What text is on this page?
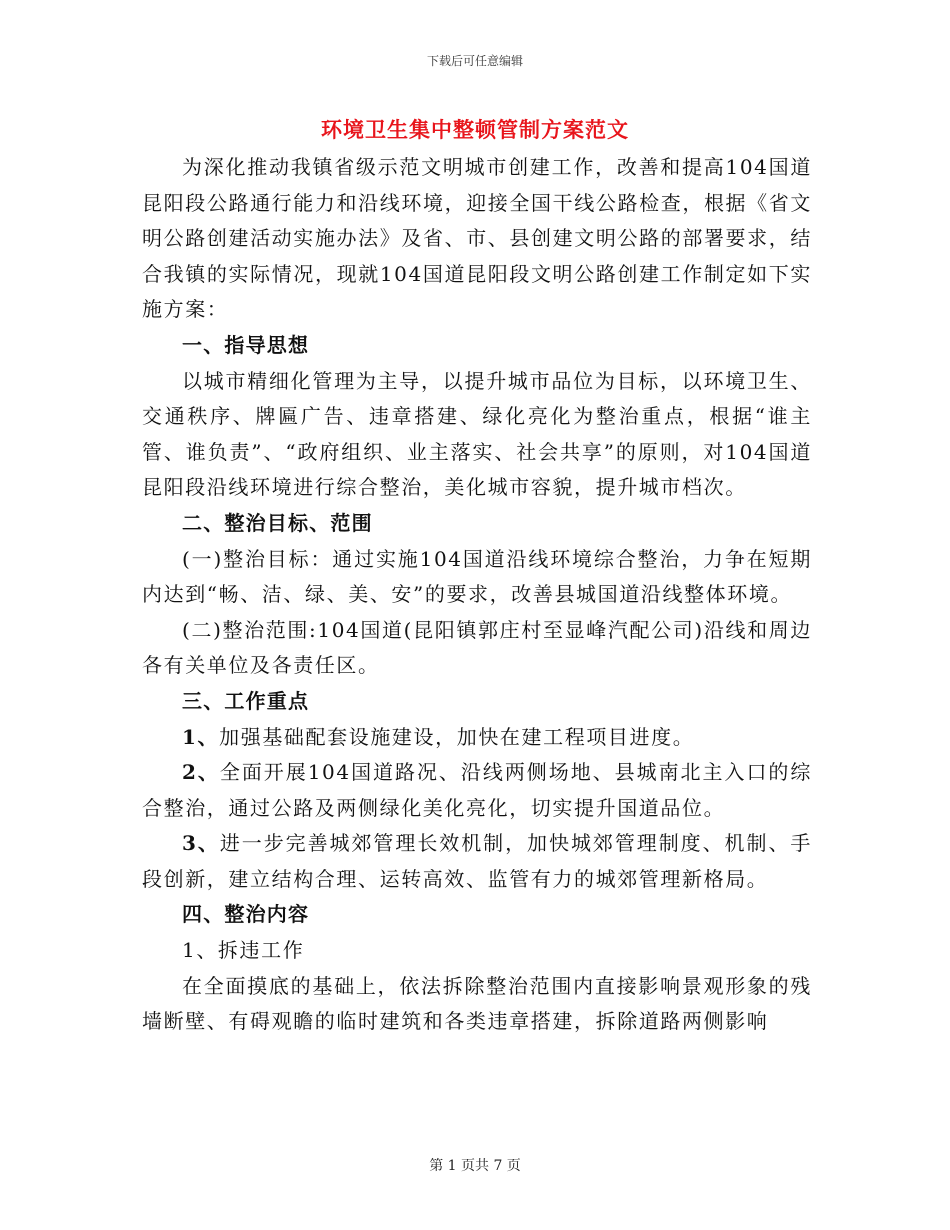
下载后可任意编辑
环境卫生集中整顿管制方案范文

为深化推动我镇省级示范文明城市创建工作，改善和提高104国道昆阳段公路通行能力和沿线环境，迎接全国干线公路检查，根据《省文明公路创建活动实施办法》及省、市、县创建文明公路的部署要求，结合我镇的实际情况，现就104国道昆阳段文明公路创建工作制定如下实施方案：

一、指导思想

以城市精细化管理为主导，以提升城市品位为目标，以环境卫生、交通秩序、牌匾广告、违章搭建、绿化亮化为整治重点，根据“谁主管、谁负责”、“政府组织、业主落实、社会共享”的原则，对104国道昆阳段沿线环境进行综合整治，美化城市容貌，提升城市档次。

二、整治目标、范围

(一)整治目标：通过实施104国道沿线环境综合整治，力争在短期内达到“畅、洁、绿、美、安”的要求，改善县城国道沿线整体环境。

(二)整治范围:104国道(昆阳镇郭庄村至显峰汽配公司)沿线和周边各有关单位及各责任区。

三、工作重点

1、加强基础配套设施建设，加快在建工程项目进度。

2、全面开展104国道路况、沿线两侧场地、县城南北主入口的综合整治，通过公路及两侧绿化美化亮化，切实提升国道品位。

3、进一步完善城郊管理长效机制，加快城郊管理制度、机制、手段创新，建立结构合理、运转高效、监管有力的城郊管理新格局。

四、整治内容

1、拆违工作

在全面摸底的基础上，依法拆除整治范围内直接影响景观形象的残墙断壁、有碍观瞻的临时建筑和各类违章搭建，拆除道路两侧影响

第 1 页共 7 页
